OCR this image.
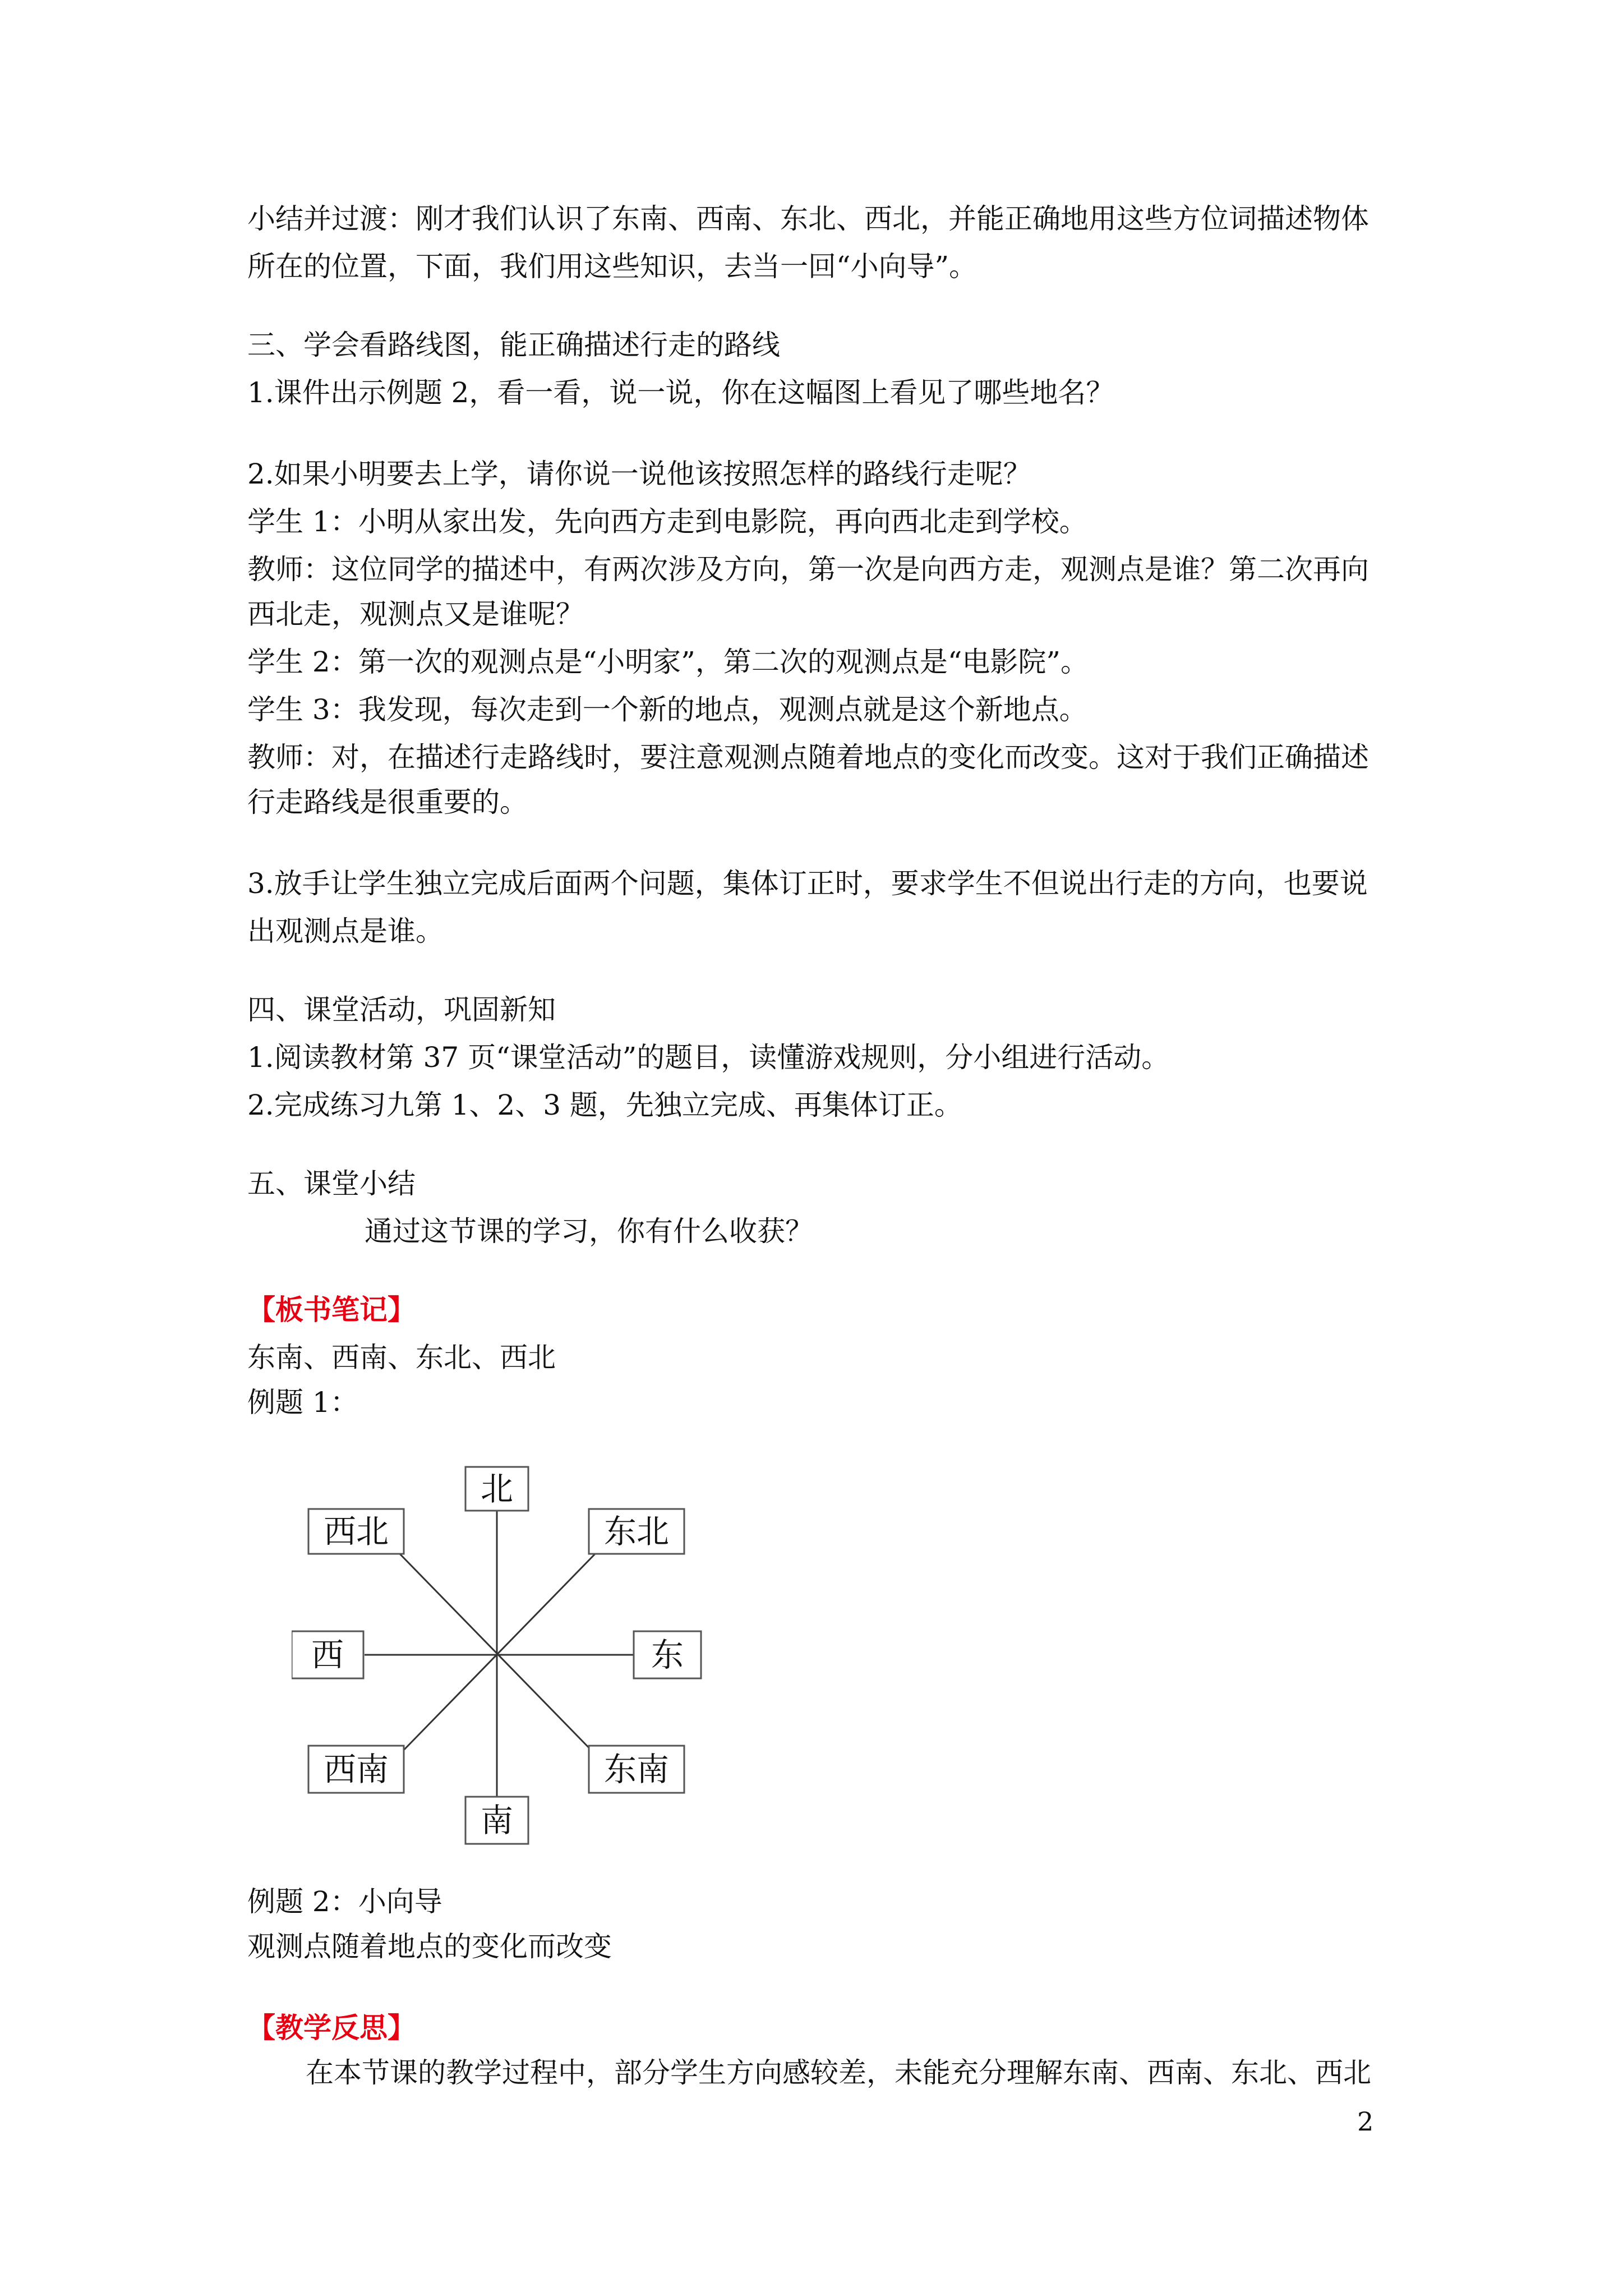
小结并过渡：刚才我们认识了东南、西南、东北、西北，并能正确地用这些方位词描述物体
所在的位置，下面，我们用这些知识，去当一回“小向导”。
三、学会看路线图，能正确描述行走的路线
1.课件出示例题 2，看一看，说一说，你在这幅图上看见了哪些地名？
2.如果小明要去上学，请你说一说他该按照怎样的路线行走呢？
学生 1：小明从家出发，先向西方走到电影院，再向西北走到学校。
教师：这位同学的描述中，有两次涉及方向，第一次是向西方走，观测点是谁？第二次再向
西北走，观测点又是谁呢？
学生 2：第一次的观测点是“小明家”，第二次的观测点是“电影院”。
学生 3：我发现，每次走到一个新的地点，观测点就是这个新地点。
教师：对，在描述行走路线时，要注意观测点随着地点的变化而改变。这对于我们正确描述
行走路线是很重要的。
3.放手让学生独立完成后面两个问题，集体订正时，要求学生不但说出行走的方向，也要说
出观测点是谁。
四、课堂活动，巩固新知
1.阅读教材第 37 页“课堂活动”的题目，读懂游戏规则，分小组进行活动。
2.完成练习九第 1、2、3 题，先独立完成、再集体订正。
五、课堂小结
通过这节课的学习，你有什么收获？
【板书笔记】
东南、西南、东北、西北
例题 1：
北
东北
东
东南
南
西南
西
西北
例题 2：小向导
观测点随着地点的变化而改变
【教学反思】
在本节课的教学过程中，部分学生方向感较差，未能充分理解东南、西南、东北、西北
2
